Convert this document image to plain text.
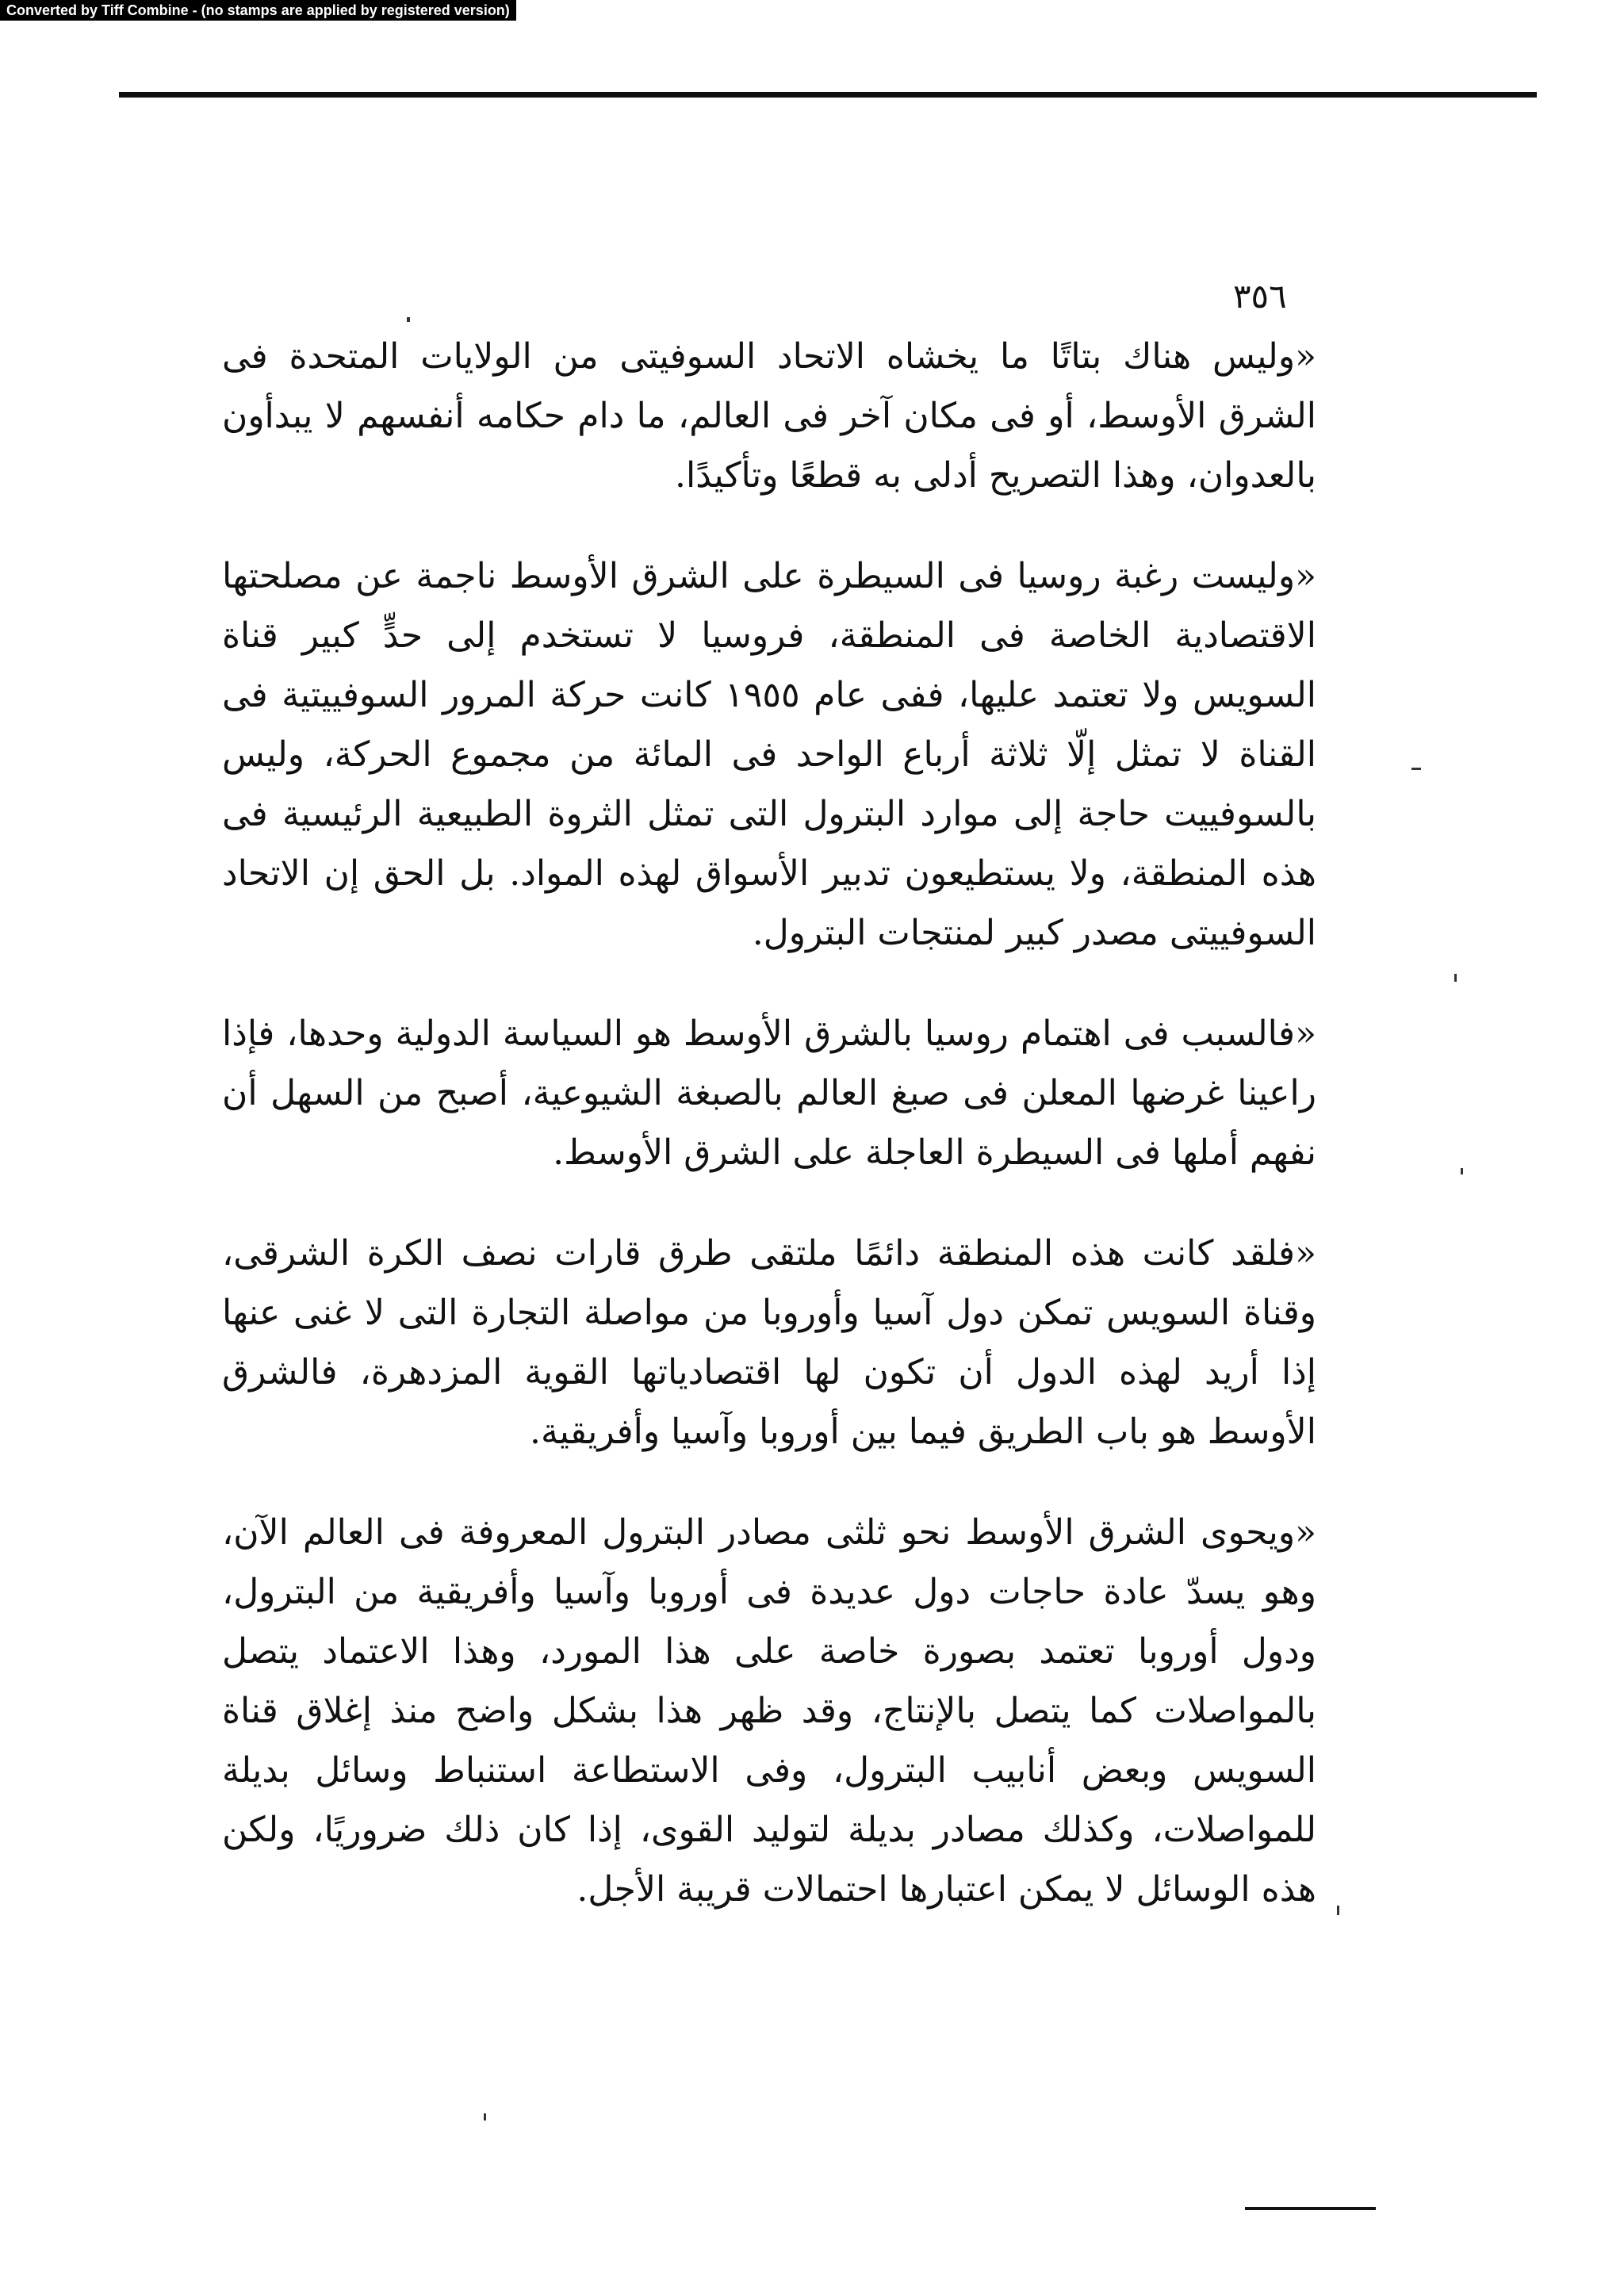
Converted by Tiff Combine - (no stamps are applied by registered version)
٣٥٦

«وليس هناك بتاتًا ما يخشاه الاتحاد السوفيتى من الولايات المتحدة فى الشرق الأوسط، أو فى مكان آخر فى العالم، ما دام حكامه أنفسهم لا يبدأون بالعدوان، وهذا التصريح أدلى به قطعًا وتأكيدًا.

«وليست رغبة روسيا فى السيطرة على الشرق الأوسط ناجمة عن مصلحتها الاقتصادية الخاصة فى المنطقة، فروسيا لا تستخدم إلى حدٍّ كبير قناة السويس ولا تعتمد عليها، ففى عام ١٩٥٥ كانت حركة المرور السوفييتية فى القناة لا تمثل إلّا ثلاثة أرباع الواحد فى المائة من مجموع الحركة، وليس بالسوفييت حاجة إلى موارد البترول التى تمثل الثروة الطبيعية الرئيسية فى هذه المنطقة، ولا يستطيعون تدبير الأسواق لهذه المواد. بل الحق إن الاتحاد السوفييتى مصدر كبير لمنتجات البترول.

«فالسبب فى اهتمام روسيا بالشرق الأوسط هو السياسة الدولية وحدها، فإذا راعينا غرضها المعلن فى صبغ العالم بالصبغة الشيوعية، أصبح من السهل أن نفهم أملها فى السيطرة العاجلة على الشرق الأوسط.

«فلقد كانت هذه المنطقة دائمًا ملتقى طرق قارات نصف الكرة الشرقى، وقناة السويس تمكن دول آسيا وأوروبا من مواصلة التجارة التى لا غنى عنها إذا أريد لهذه الدول أن تكون لها اقتصادياتها القوية المزدهرة، فالشرق الأوسط هو باب الطريق فيما بين أوروبا وآسيا وأفريقية.

«ويحوى الشرق الأوسط نحو ثلثى مصادر البترول المعروفة فى العالم الآن، وهو يسدّ عادة حاجات دول عديدة فى أوروبا وآسيا وأفريقية من البترول، ودول أوروبا تعتمد بصورة خاصة على هذا المورد، وهذا الاعتماد يتصل بالمواصلات كما يتصل بالإنتاج، وقد ظهر هذا بشكل واضح منذ إغلاق قناة السويس وبعض أنابيب البترول، وفى الاستطاعة استنباط وسائل بديلة للمواصلات، وكذلك مصادر بديلة لتوليد القوى، إذا كان ذلك ضروريًا، ولكن هذه الوسائل لا يمكن اعتبارها احتمالات قريبة الأجل.
